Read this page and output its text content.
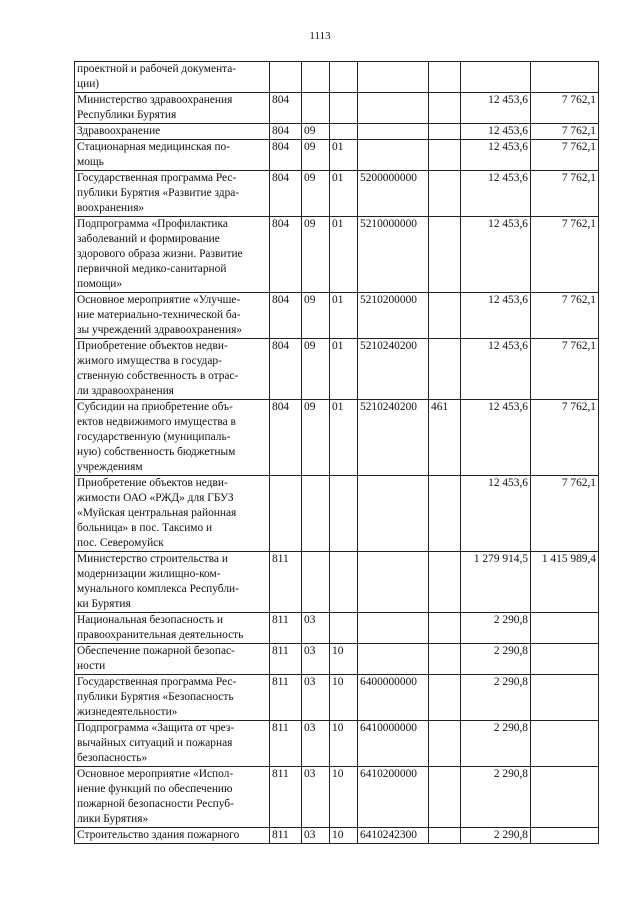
1113
проектной и рабочей документа-
ции)							
Министерство здравоохранения
Республики Бурятия	804					12 453,6	7 762,1
Здравоохранение	804	09				12 453,6	7 762,1
Стационарная медицинская по-
мощь	804	09	01			12 453,6	7 762,1
Государственная программа Рес-
публики Бурятия «Развитие здра-
воохранения»	804	09	01	5200000000		12 453,6	7 762,1
Подпрограмма «Профилактика
заболеваний и формирование
здорового образа жизни. Развитие
первичной медико-санитарной
помощи»	804	09	01	5210000000		12 453,6	7 762,1
Основное мероприятие «Улучше-
ние материально-технической ба-
зы учреждений здравоохранения»	804	09	01	5210200000		12 453,6	7 762,1
Приобретение объектов недви-
жимого имущества в государ-
ственную собственность в отрас-
ли здравоохранения	804	09	01	5210240200		12 453,6	7 762,1
Субсидии на приобретение объ-
ектов недвижимого имущества в
государственную (муниципаль-
ную) собственность бюджетным
учреждениям	804	09	01	5210240200	461	12 453,6	7 762,1
Приобретение объектов недви-
жимости ОАО «РЖД» для ГБУЗ
«Муйская центральная районная
больница» в пос. Таксимо и
пос. Северомуйск						12 453,6	7 762,1
Министерство строительства и
модернизации жилищно-ком-
мунального комплекса Республи-
ки Бурятия	811					1 279 914,5	1 415 989,4
Национальная безопасность и
правоохранительная деятельность	811	03				2 290,8	
Обеспечение пожарной безопас-
ности	811	03	10			2 290,8	
Государственная программа Рес-
публики Бурятия «Безопасность
жизнедеятельности»	811	03	10	6400000000		2 290,8	
Подпрограмма «Защита от чрез-
вычайных ситуаций и пожарная
безопасность»	811	03	10	6410000000		2 290,8	
Основное мероприятие «Испол-
нение функций по обеспечению
пожарной безопасности Респуб-
лики Бурятия»	811	03	10	6410200000		2 290,8	
Строительство здания пожарного	811	03	10	6410242300		2 290,8	
